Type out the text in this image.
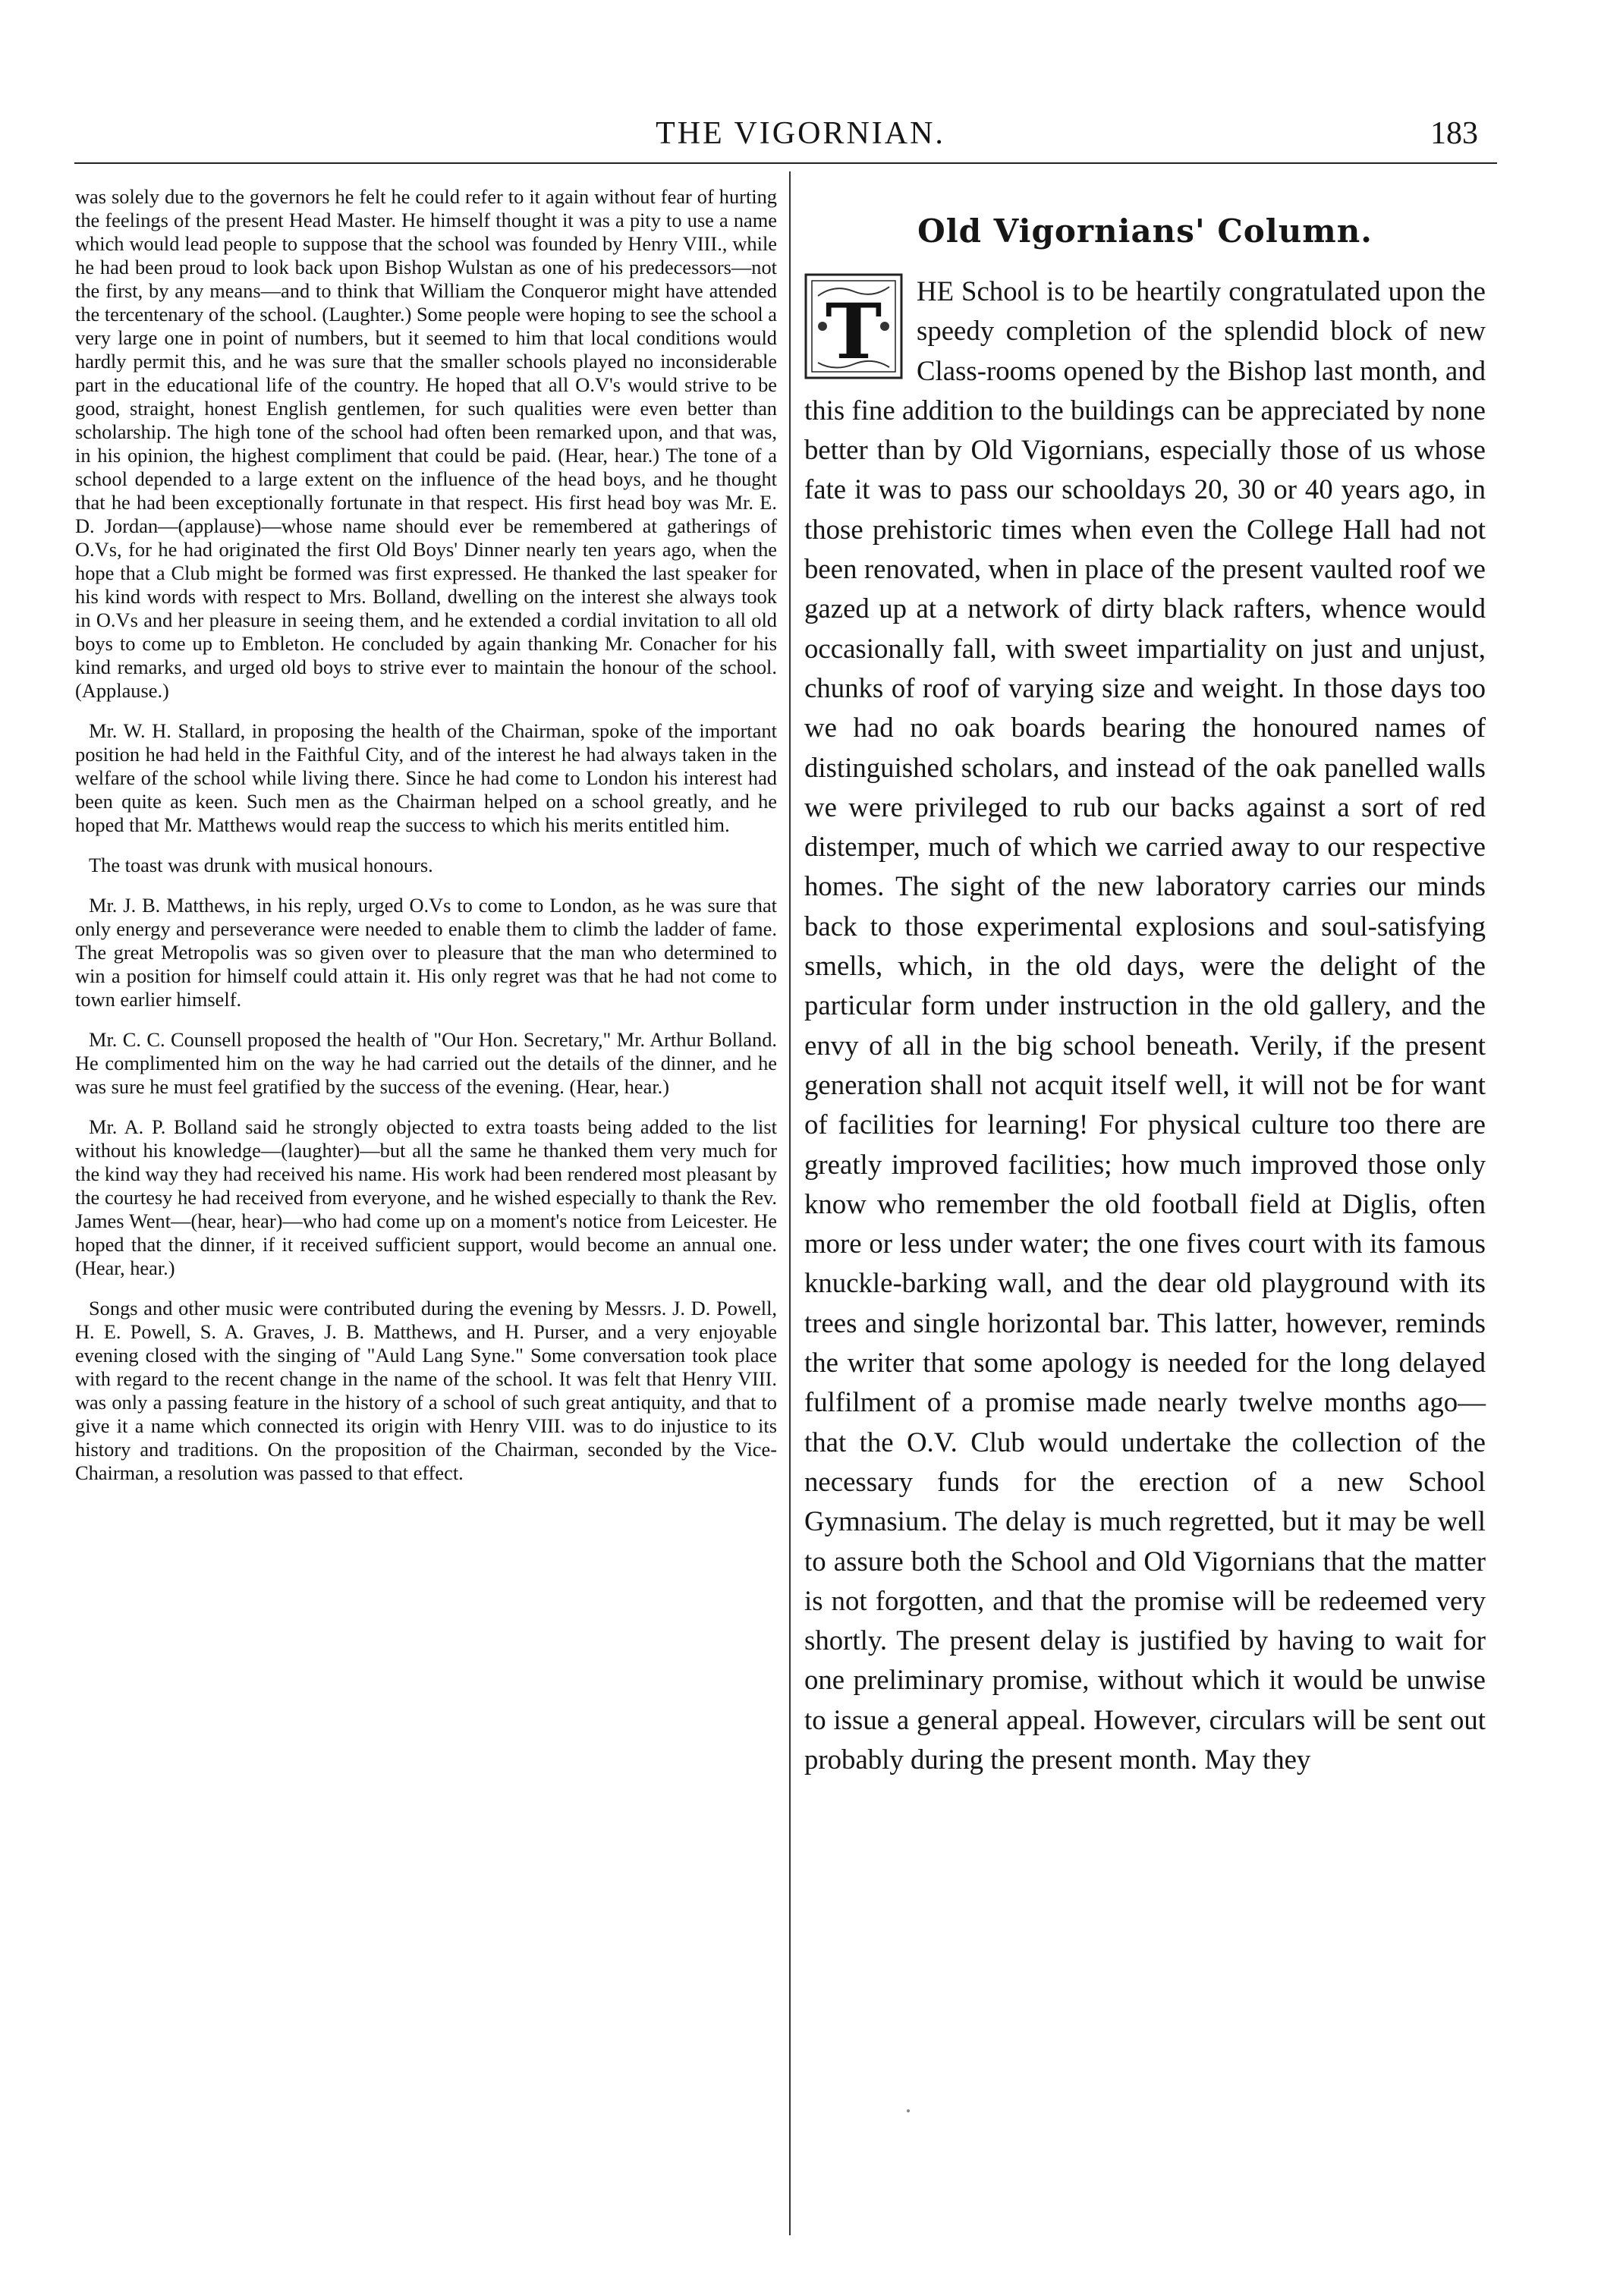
THE VIGORNIAN.	183

was solely due to the governors he felt he could refer to it again without fear of hurting the feelings of the present Head Master. He himself thought it was a pity to use a name which would lead people to suppose that the school was founded by Henry VIII., while he had been proud to look back upon Bishop Wulstan as one of his predecessors—not the first, by any means—and to think that William the Conqueror might have attended the tercentenary of the school. (Laughter.) Some people were hoping to see the school a very large one in point of numbers, but it seemed to him that local conditions would hardly permit this, and he was sure that the smaller schools played no inconsiderable part in the educational life of the country. He hoped that all O.V's would strive to be good, straight, honest English gentlemen, for such qualities were even better than scholarship. The high tone of the school had often been remarked upon, and that was, in his opinion, the highest compliment that could be paid. (Hear, hear.) The tone of a school depended to a large extent on the influence of the head boys, and he thought that he had been exceptionally fortunate in that respect. His first head boy was Mr. E. D. Jordan—(applause)—whose name should ever be remembered at gatherings of O.Vs, for he had originated the first Old Boys' Dinner nearly ten years ago, when the hope that a Club might be formed was first expressed. He thanked the last speaker for his kind words with respect to Mrs. Bolland, dwelling on the interest she always took in O.Vs and her pleasure in seeing them, and he extended a cordial invitation to all old boys to come up to Embleton. He concluded by again thanking Mr. Conacher for his kind remarks, and urged old boys to strive ever to maintain the honour of the school. (Applause.)

Mr. W. H. Stallard, in proposing the health of the Chairman, spoke of the important position he had held in the Faithful City, and of the interest he had always taken in the welfare of the school while living there. Since he had come to London his interest had been quite as keen. Such men as the Chairman helped on a school greatly, and he hoped that Mr. Matthews would reap the success to which his merits entitled him.

The toast was drunk with musical honours.

Mr. J. B. Matthews, in his reply, urged O.Vs to come to London, as he was sure that only energy and perseverance were needed to enable them to climb the ladder of fame. The great Metropolis was so given over to pleasure that the man who determined to win a position for himself could attain it. His only regret was that he had not come to town earlier himself.

Mr. C. C. Counsell proposed the health of "Our Hon. Secretary," Mr. Arthur Bolland. He complimented him on the way he had carried out the details of the dinner, and he was sure he must feel gratified by the success of the evening. (Hear, hear.)

Mr. A. P. Bolland said he strongly objected to extra toasts being added to the list without his knowledge—(laughter)—but all the same he thanked them very much for the kind way they had received his name. His work had been rendered most pleasant by the courtesy he had received from everyone, and he wished especially to thank the Rev. James Went—(hear, hear)—who had come up on a moment's notice from Leicester. He hoped that the dinner, if it received sufficient support, would become an annual one. (Hear, hear.)

Songs and other music were contributed during the evening by Messrs. J. D. Powell, H. E. Powell, S. A. Graves, J. B. Matthews, and H. Purser, and a very enjoyable evening closed with the singing of "Auld Lang Syne." Some conversation took place with regard to the recent change in the name of the school. It was felt that Henry VIII. was only a passing feature in the history of a school of such great antiquity, and that to give it a name which connected its origin with Henry VIII. was to do injustice to its history and traditions. On the proposition of the Chairman, seconded by the Vice-Chairman, a resolution was passed to that effect.

Old Vigornians' Column.

T HE School is to be heartily congratulated upon the speedy completion of the splendid block of new Class-rooms opened by the Bishop last month, and this fine addition to the buildings can be appreciated by none better than by Old Vigornians, especially those of us whose fate it was to pass our schooldays 20, 30 or 40 years ago, in those prehistoric times when even the College Hall had not been renovated, when in place of the present vaulted roof we gazed up at a network of dirty black rafters, whence would occasionally fall, with sweet impartiality on just and unjust, chunks of roof of varying size and weight. In those days too we had no oak boards bearing the honoured names of distinguished scholars, and instead of the oak panelled walls we were privileged to rub our backs against a sort of red distemper, much of which we carried away to our respective homes. The sight of the new laboratory carries our minds back to those experimental explosions and soul-satisfying smells, which, in the old days, were the delight of the particular form under instruction in the old gallery, and the envy of all in the big school beneath. Verily, if the present generation shall not acquit itself well, it will not be for want of facilities for learning! For physical culture too there are greatly improved facilities; how much improved those only know who remember the old football field at Diglis, often more or less under water; the one fives court with its famous knuckle-barking wall, and the dear old playground with its trees and single horizontal bar. This latter, however, reminds the writer that some apology is needed for the long delayed fulfilment of a promise made nearly twelve months ago—that the O.V. Club would undertake the collection of the necessary funds for the erection of a new School Gymnasium. The delay is much regretted, but it may be well to assure both the School and Old Vigornians that the matter is not forgotten, and that the promise will be redeemed very shortly. The present delay is justified by having to wait for one preliminary promise, without which it would be unwise to issue a general appeal. However, circulars will be sent out probably during the present month. May they
